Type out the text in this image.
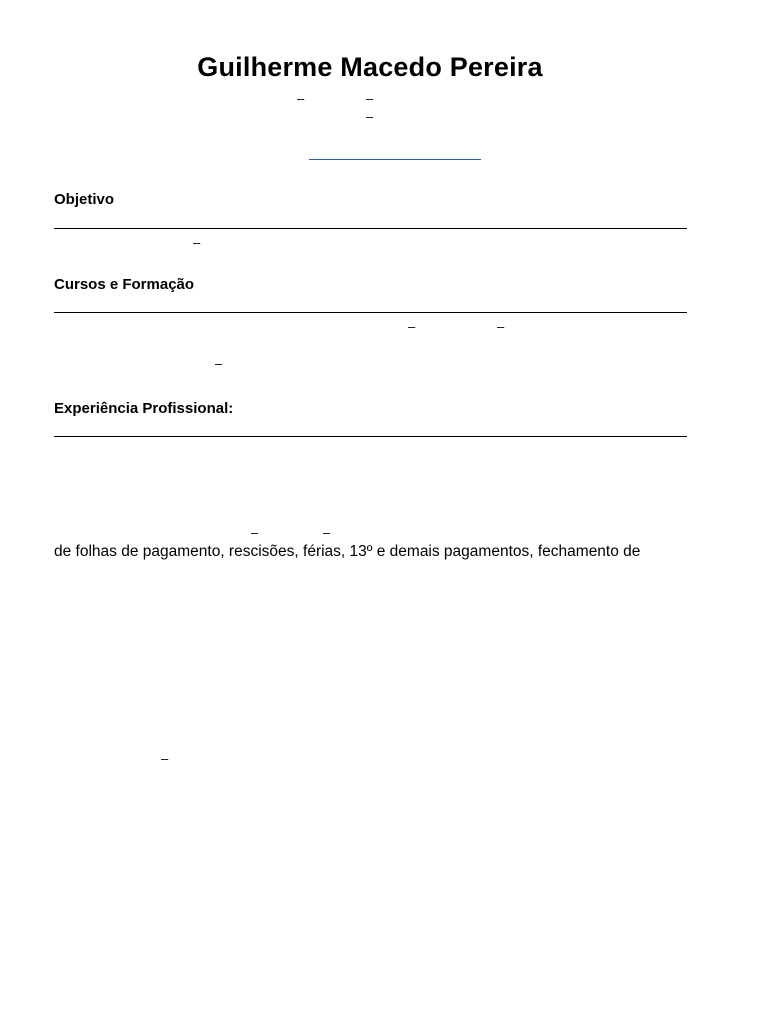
Guilherme Macedo Pereira
–	–
–
Objetivo
–
Cursos e Formação
–	–
–
Experiência Profissional:
–	–
de folhas de pagamento, rescisões, férias, 13º e demais pagamentos, fechamento de
–
